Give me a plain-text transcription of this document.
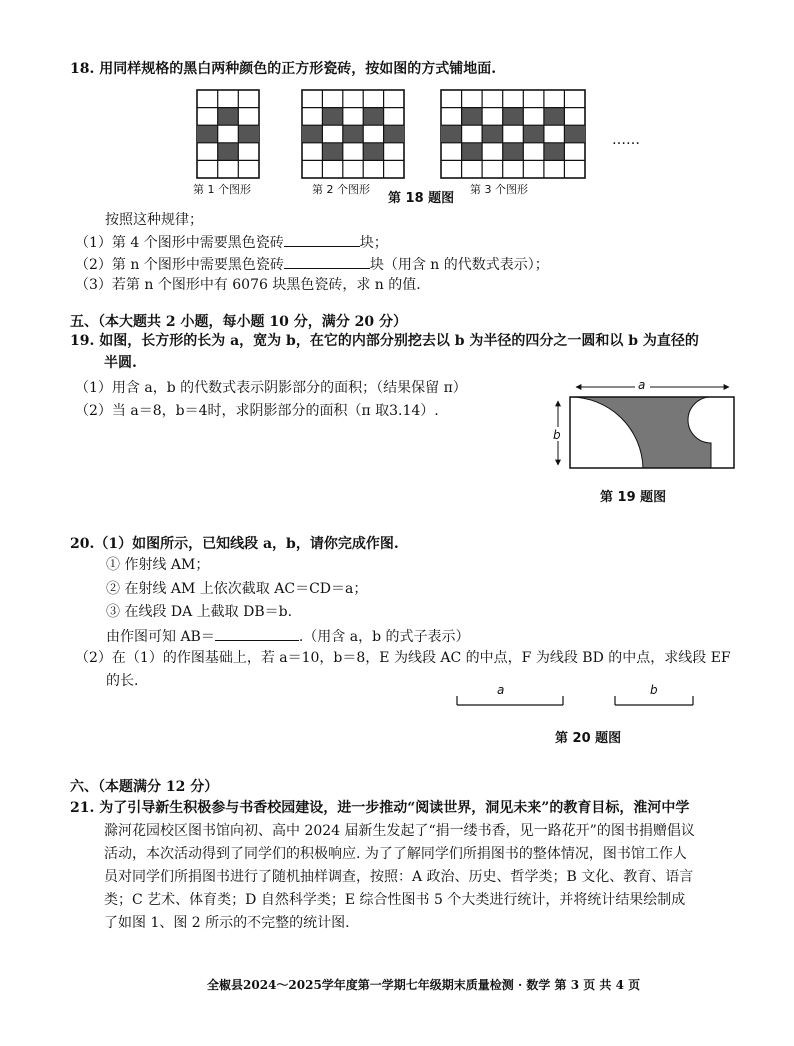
18. 用同样规格的黑白两种颜色的正方形瓷砖，按如图的方式铺地面.
第 1 个图形	第 2 个图形	第 3 个图形
第 18 题图
……
按照这种规律；
（1）第 4 个图形中需要黑色瓷砖	块；
（2）第 n 个图形中需要黑色瓷砖	块（用含 n 的代数式表示）；
（3）若第 n 个图形中有 6076 块黑色瓷砖，求 n 的值.
五、（本大题共 2 小题，每小题 10 分，满分 20 分）
19. 如图，长方形的长为 a，宽为 b，在它的内部分别挖去以 b 为半径的四分之一圆和以 b 为直径的
半圆.
（1）用含 a，b 的代数式表示阴影部分的面积；（结果保留 π）
（2）当 a＝8，b＝4时，求阴影部分的面积（π 取3.14）.
a
b
第 19 题图
20.（1）如图所示，已知线段 a，b，请你完成作图.
① 作射线 AM；
② 在射线 AM 上依次截取 AC＝CD＝a；
③ 在线段 DA 上截取 DB＝b.
由作图可知 AB＝	.（用含 a，b 的式子表示）
（2）在（1）的作图基础上，若 a＝10，b＝8，E 为线段 AC 的中点，F 为线段 BD 的中点，求线段 EF
的长.
a	b
第 20 题图
六、（本题满分 12 分）
21. 为了引导新生积极参与书香校园建设，进一步推动“阅读世界，洞见未来”的教育目标，淮河中学
滁河花园校区图书馆向初、高中 2024 届新生发起了“捐一缕书香，见一路花开”的图书捐赠倡议
活动，本次活动得到了同学们的积极响应. 为了了解同学们所捐图书的整体情况，图书馆工作人
员对同学们所捐图书进行了随机抽样调查，按照：A 政治、历史、哲学类；B 文化、教育、语言
类；C 艺术、体育类；D 自然科学类；E 综合性图书 5 个大类进行统计，并将统计结果绘制成
了如图 1、图 2 所示的不完整的统计图.
全椒县2024～2025学年度第一学期七年级期末质量检测 · 数学 第 3 页 共 4 页
